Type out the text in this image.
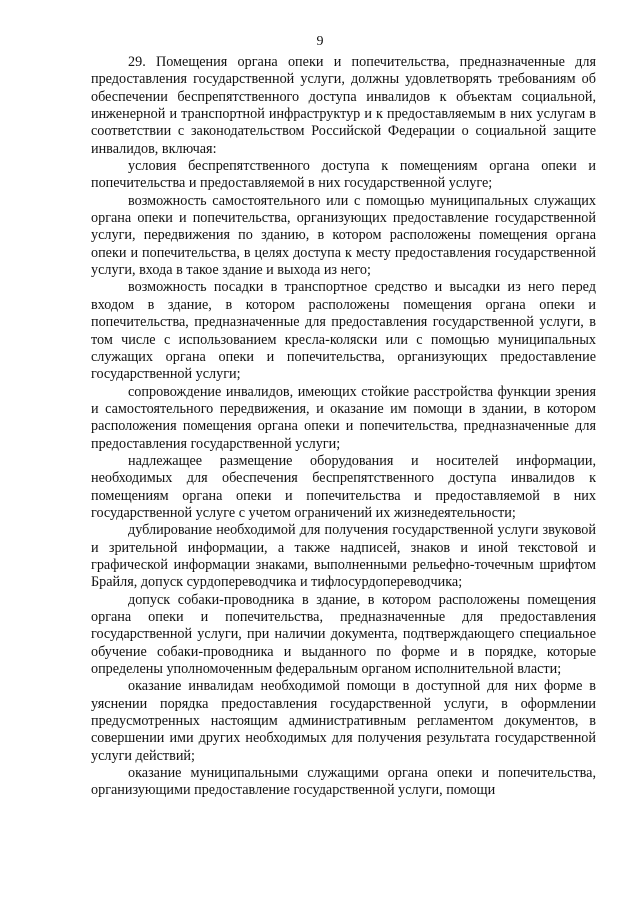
9

29. Помещения органа опеки и попечительства, предназначенные для предоставления государственной услуги, должны удовлетворять требованиям об обеспечении беспрепятственного доступа инвалидов к объектам социальной, инженерной и транспортной инфраструктур и к предоставляемым в них услугам в соответствии с законодательством Российской Федерации о социальной защите инвалидов, включая:

условия беспрепятственного доступа к помещениям органа опеки и попечительства и предоставляемой в них государственной услуге;

возможность самостоятельного или с помощью муниципальных служащих органа опеки и попечительства, организующих предоставление государственной услуги, передвижения по зданию, в котором расположены помещения органа опеки и попечительства, в целях доступа к месту предоставления государственной услуги, входа в такое здание и выхода из него;

возможность посадки в транспортное средство и высадки из него перед входом в здание, в котором расположены помещения органа опеки и попечительства, предназначенные для предоставления государственной услуги, в том числе с использованием кресла-коляски или с помощью муниципальных служащих органа опеки и попечительства, организующих предоставление государственной услуги;

сопровождение инвалидов, имеющих стойкие расстройства функции зрения и самостоятельного передвижения, и оказание им помощи в здании, в котором расположения помещения органа опеки и попечительства, предназначенные для предоставления государственной услуги;

надлежащее размещение оборудования и носителей информации, необходимых для обеспечения беспрепятственного доступа инвалидов к помещениям органа опеки и попечительства и предоставляемой в них государственной услуге с учетом ограничений их жизнедеятельности;

дублирование необходимой для получения государственной услуги звуковой и зрительной информации, а также надписей, знаков и иной текстовой и графической информации знаками, выполненными рельефно-точечным шрифтом Брайля, допуск сурдопереводчика и тифлосурдопереводчика;

допуск собаки-проводника в здание, в котором расположены помещения органа опеки и попечительства, предназначенные для предоставления государственной услуги, при наличии документа, подтверждающего специальное обучение собаки-проводника и выданного по форме и в порядке, которые определены уполномоченным федеральным органом исполнительной власти;

оказание инвалидам необходимой помощи в доступной для них форме в уяснении порядка предоставления государственной услуги, в оформлении предусмотренных настоящим административным регламентом документов, в совершении ими других необходимых для получения результата государственной услуги действий;

оказание муниципальными служащими органа опеки и попечительства, организующими предоставление государственной услуги, помощи
